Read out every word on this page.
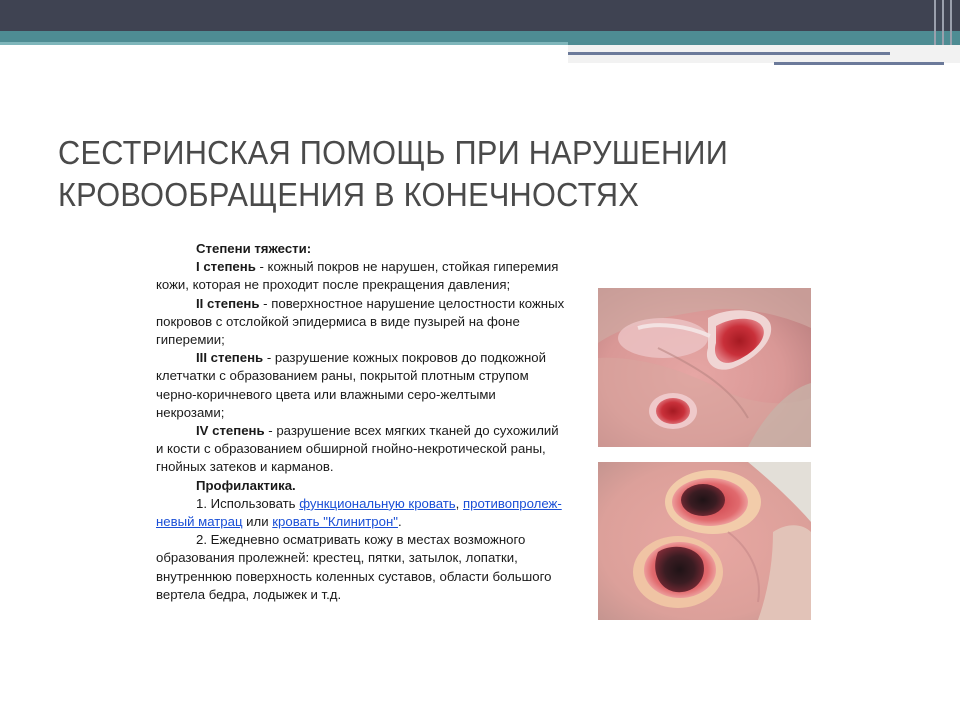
СЕСТРИНСКАЯ ПОМОЩЬ ПРИ НАРУШЕНИИ
КРОВООБРАЩЕНИЯ В КОНЕЧНОСТЯХ

Степени тяжести:

I степень - кожный покров не нарушен, стойкая гиперемия кожи, которая не проходит после прекращения давления;

II степень - поверхностное нарушение целостности кожных покровов с отслойкой эпидермиса в виде пузырей на фоне гиперемии;

III степень - разрушение кожных покровов до подкожной клетчатки с образованием раны, покрытой плотным струпом черно-коричневого цвета или влажными серо-желтыми некрозами;

IV степень - разрушение всех мягких тканей до сухожилий и кости с образованием обширной гнойно-некротической раны, гнойных затеков и карманов.

Профилактика.

1. Использовать функциональную кровать, противопролеж-невый матрац или кровать "Клинитрон".

2. Ежедневно осматривать кожу в местах возможного образования пролежней: крестец, пятки, затылок, лопатки, внутреннюю поверхность коленных суставов, области большого вертела бедра, лодыжек и т.д.
